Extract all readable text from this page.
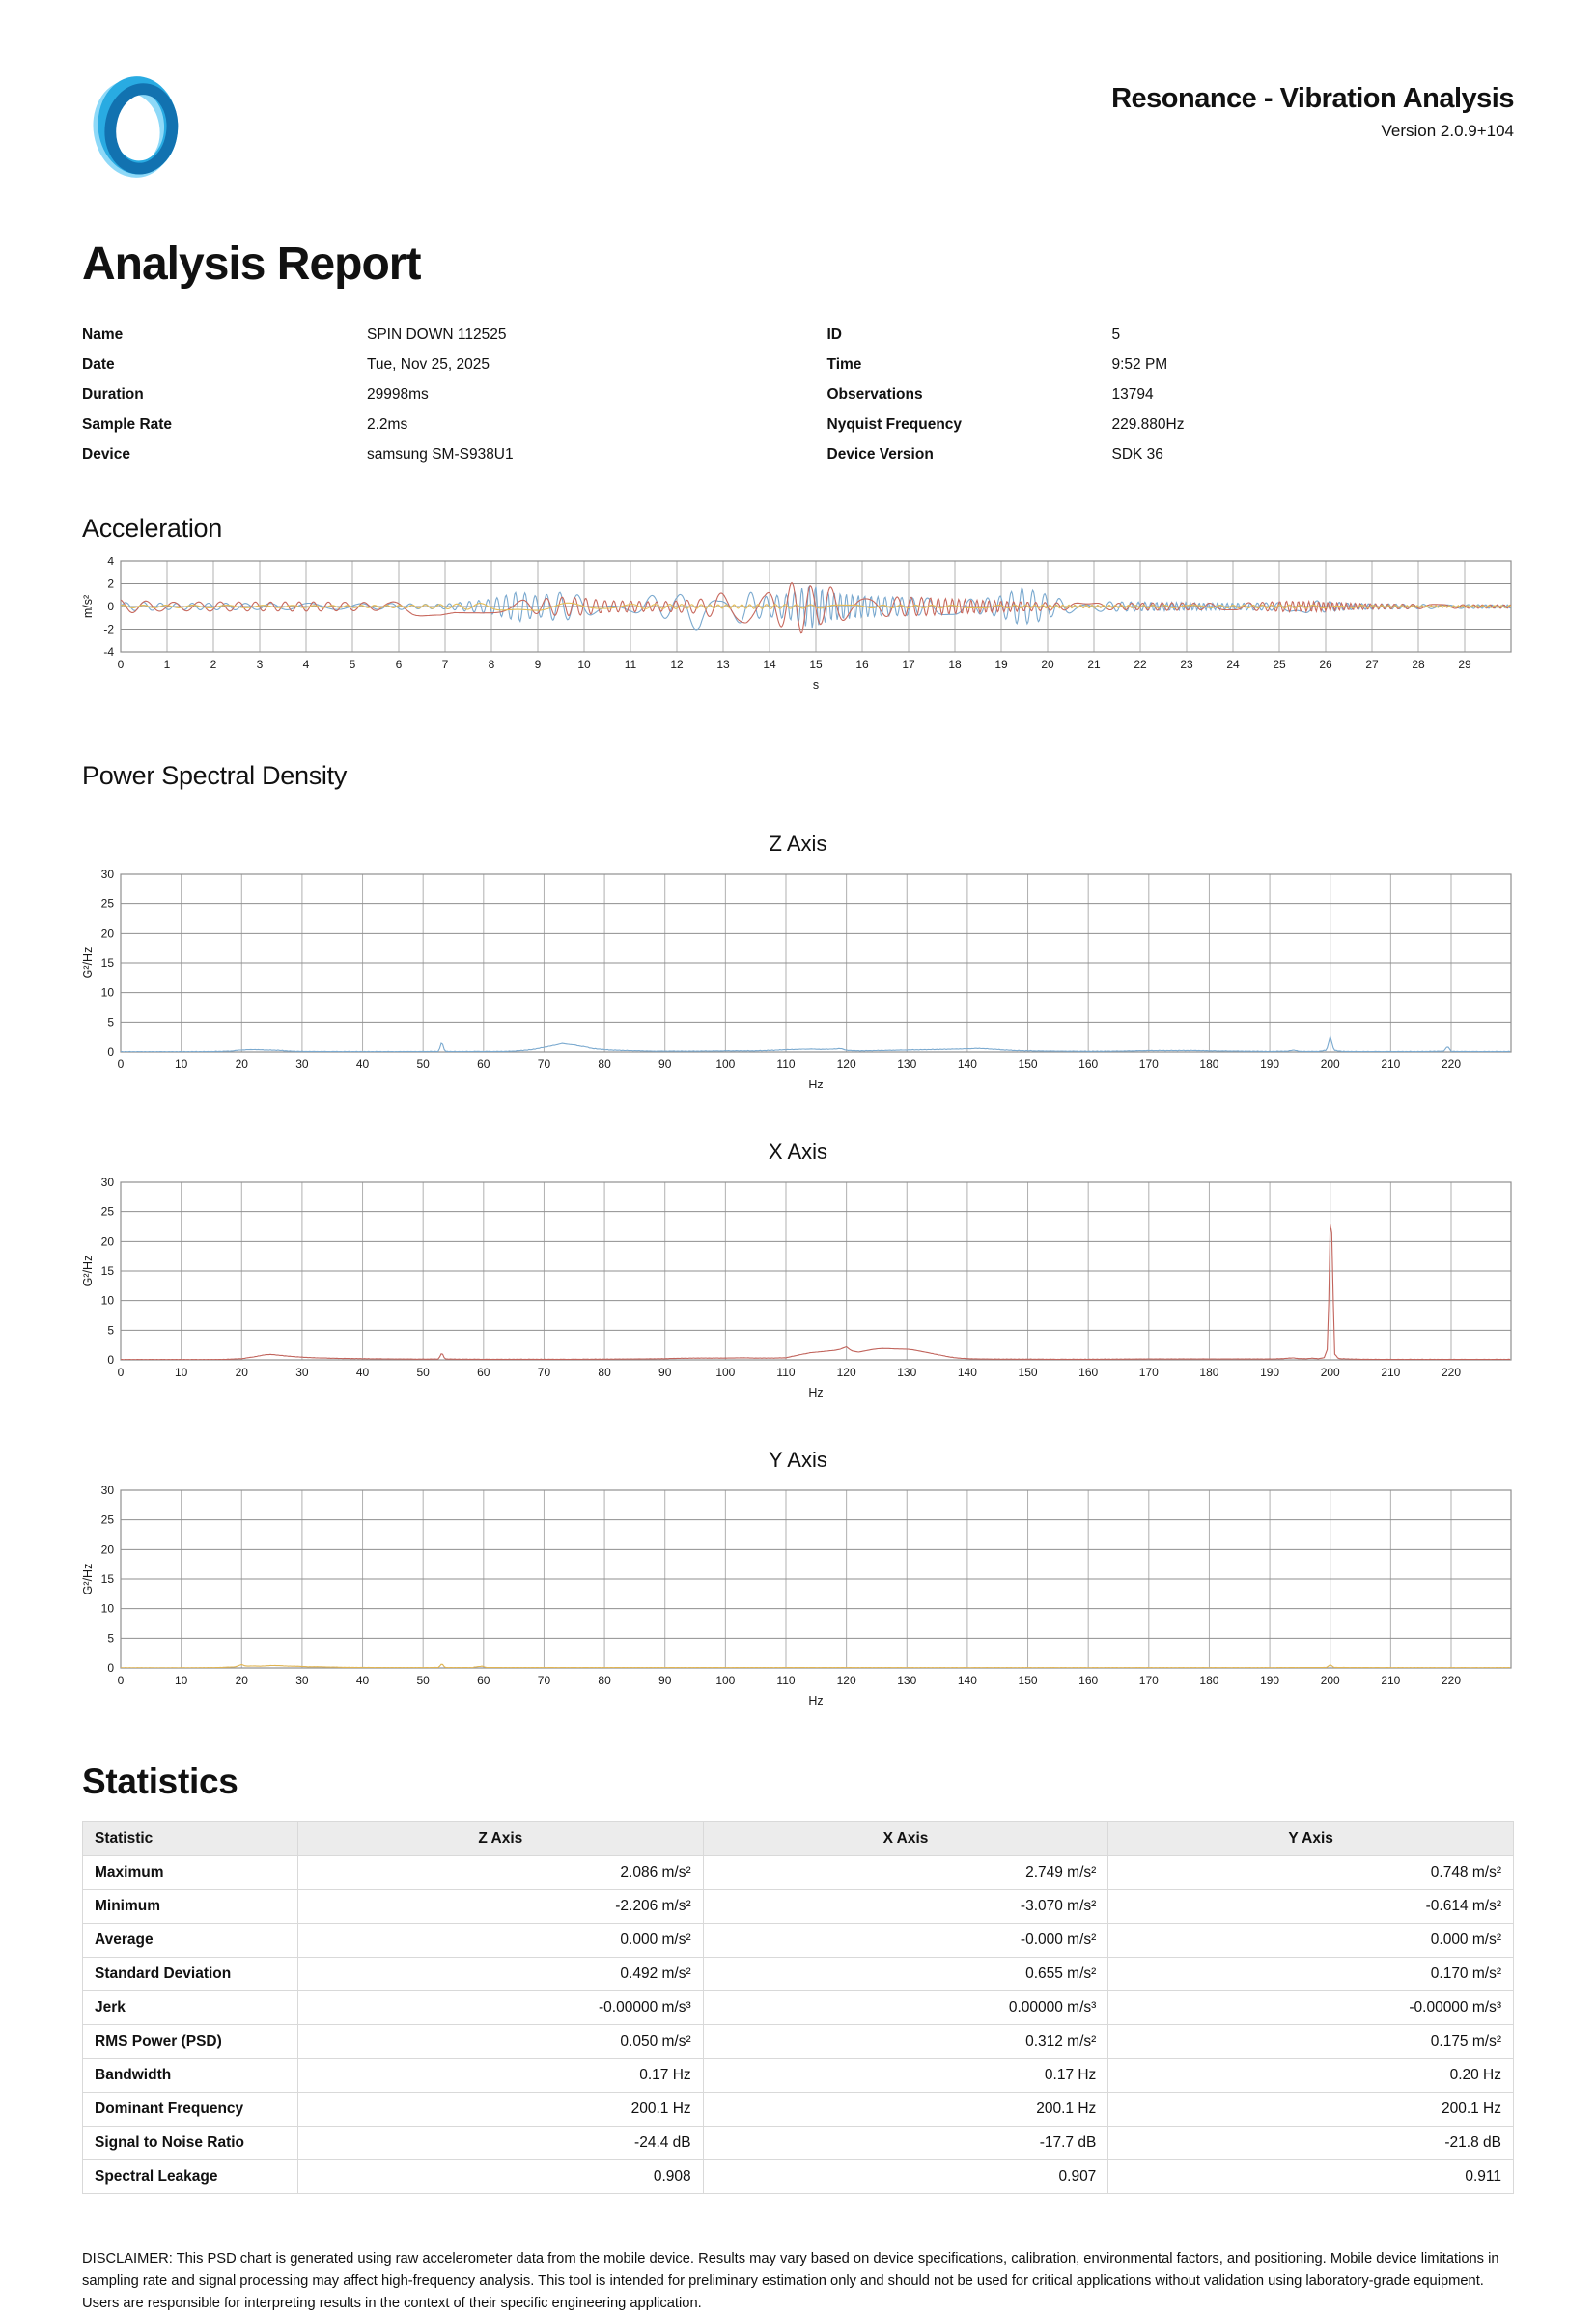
Resonance - Vibration Analysis
Version 2.0.9+104
Analysis Report
Name	SPIN DOWN 112525
Date	Tue, Nov 25, 2025
Duration	29998ms
Sample Rate	2.2ms
Device	samsung SM-S938U1
ID	5
Time	9:52 PM
Observations	13794
Nyquist Frequency	229.880Hz
Device Version	SDK 36
Acceleration
0	1	2	3	4	5	6	7	8	9	10	11	12	13	14	15	16	17	18	19	20	21	22	23	24	25	26	27	28	29
-4
-2
0
2
4
s
m/s²
Power Spectral Density
Z Axis
0	10	20	30	40	50	60	70	80	90	100	110	120	130	140	150	160	170	180	190	200	210	220
0
5
10
15
20
25
30
Hz
G²/Hz
X Axis
0	10	20	30	40	50	60	70	80	90	100	110	120	130	140	150	160	170	180	190	200	210	220
0
5
10
15
20
25
30
Hz
G²/Hz
Y Axis
0	10	20	30	40	50	60	70	80	90	100	110	120	130	140	150	160	170	180	190	200	210	220
0
5
10
15
20
25
30
Hz
G²/Hz
Statistics
Statistic	Z Axis	X Axis	Y Axis
Maximum	2.086 m/s²	2.749 m/s²	0.748 m/s²
Minimum	-2.206 m/s²	-3.070 m/s²	-0.614 m/s²
Average	0.000 m/s²	-0.000 m/s²	0.000 m/s²
Standard Deviation	0.492 m/s²	0.655 m/s²	0.170 m/s²
Jerk	-0.00000 m/s³	0.00000 m/s³	-0.00000 m/s³
RMS Power (PSD)	0.050 m/s²	0.312 m/s²	0.175 m/s²
Bandwidth	0.17 Hz	0.17 Hz	0.20 Hz
Dominant Frequency	200.1 Hz	200.1 Hz	200.1 Hz
Signal to Noise Ratio	-24.4 dB	-17.7 dB	-21.8 dB
Spectral Leakage	0.908	0.907	0.911

DISCLAIMER: This PSD chart is generated using raw accelerometer data from the mobile device. Results may vary based on device specifications, calibration, environmental factors, and positioning. Mobile device limitations in sampling rate and signal processing may affect high-frequency analysis. This tool is intended for preliminary estimation only and should not be used for critical applications without validation using laboratory-grade equipment. Users are responsible for interpreting results in the context of their specific engineering application.
